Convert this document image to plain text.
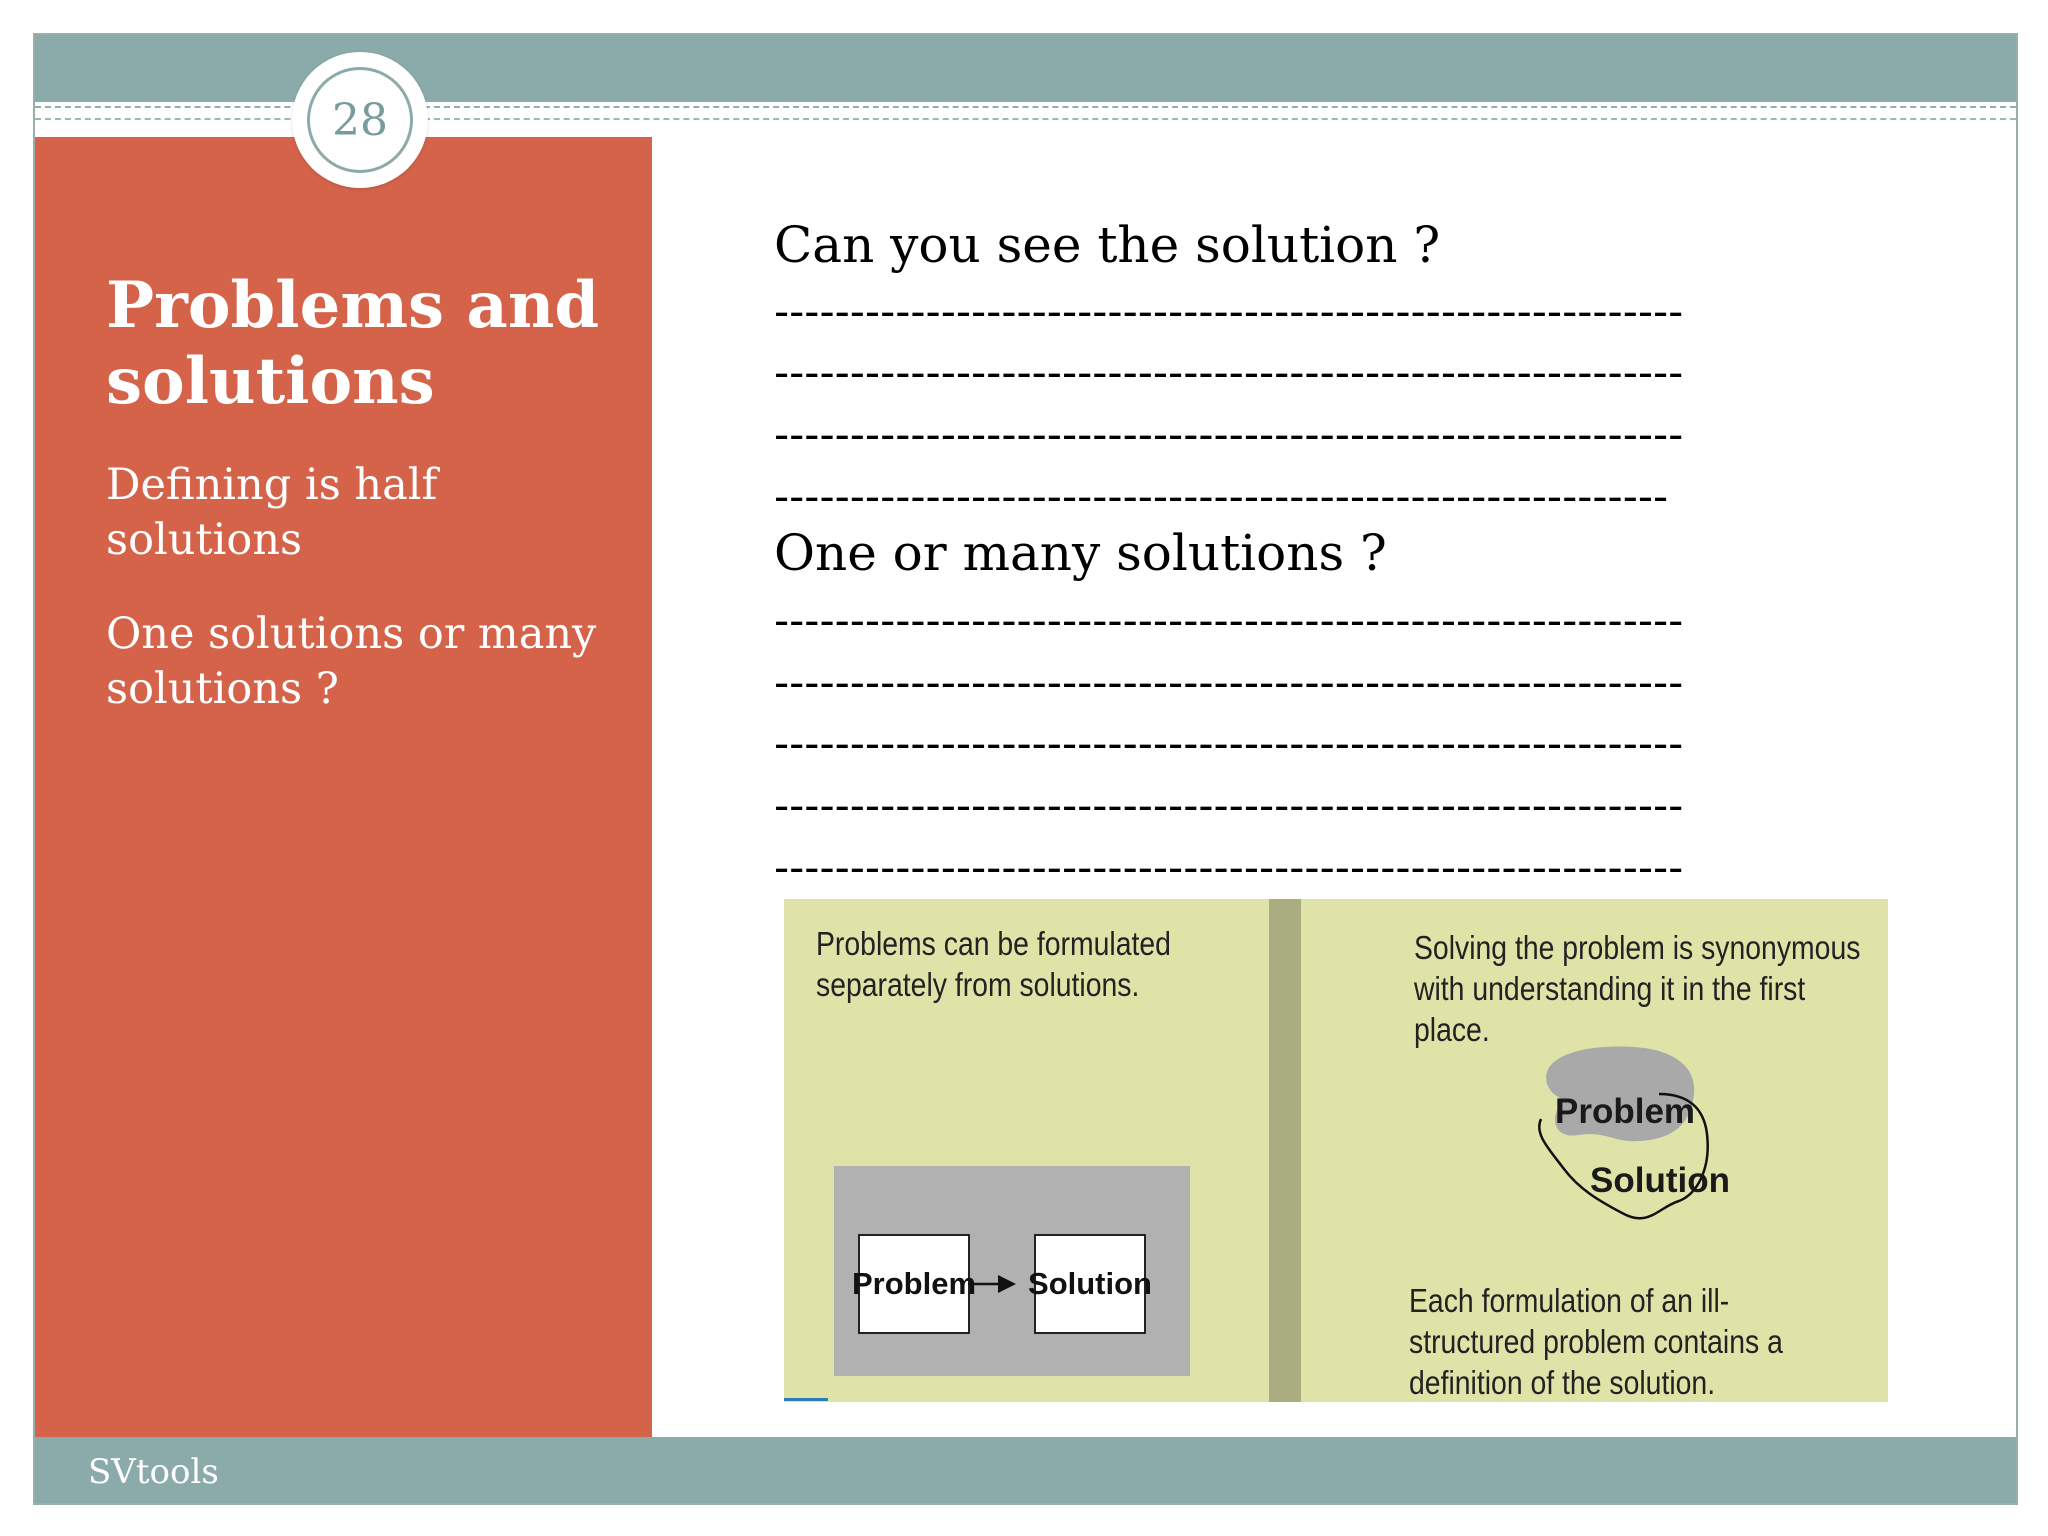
SVtools
28
Problems and solutions
Defining is half solutions
One solutions or many solutions ?
Can you see the solution ?
------------------------------------------------------------
------------------------------------------------------------
------------------------------------------------------------
-----------------------------------------------------------
One or many solutions ?
------------------------------------------------------------
------------------------------------------------------------
------------------------------------------------------------
------------------------------------------------------------
------------------------------------------------------------
Problems can be formulated separately from solutions.
Problem Solution
Solving the problem is synonymous with understanding it in the first place.
Problem
Solution
Each formulation of an ill-structured problem contains a definition of the solution.
